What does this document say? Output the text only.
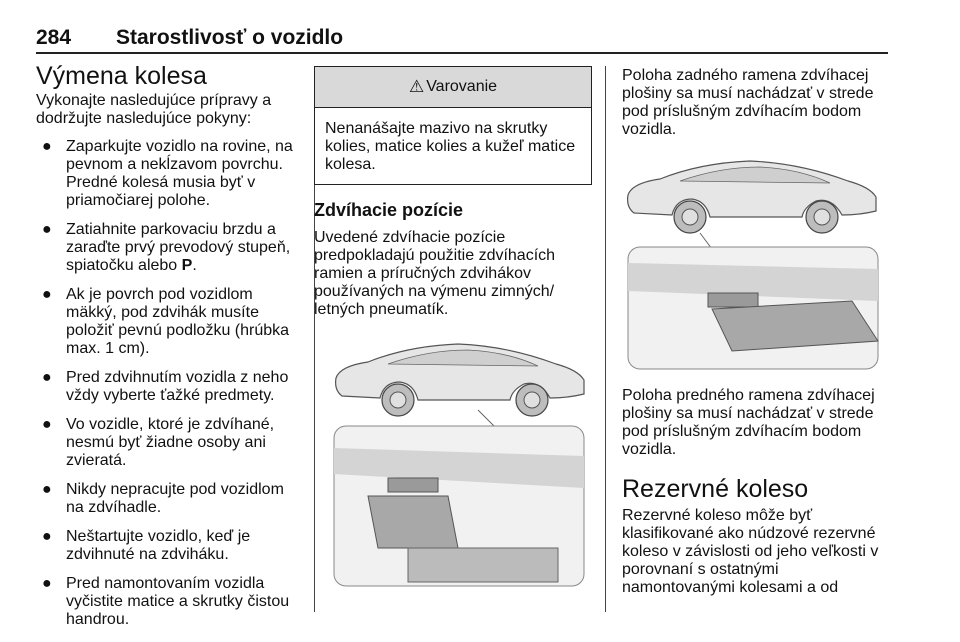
284 Starostlivosť o vozidlo
Výmena kolesa

Vykonajte nasledujúce prípravy a dodržujte nasledujúce pokyny:

● Zaparkujte vozidlo na rovine, na pevnom a nekĺzavom povrchu. Predné kolesá musia byť v priamočiarej polohe.
● Zatiahnite parkovaciu brzdu a zaraďte prvý prevodový stupeň, spiatočku alebo P.
● Ak je povrch pod vozidlom mäkký, pod zdvihák musíte položiť pevnú podložku (hrúbka max. 1 cm).
● Pred zdvihnutím vozidla z neho vždy vyberte ťažké predmety.
● Vo vozidle, ktoré je zdvíhané, nesmú byť žiadne osoby ani zvieratá.
● Nikdy nepracujte pod vozidlom na zdvíhadle.
● Neštartujte vozidlo, keď je zdvihnuté na zdviháku.
● Pred namontovaním vozidla vyčistite matice a skrutky čistou handrou.
⚠ Varovanie
Nenanášajte mazivo na skrutky kolies, matice kolies a kužeľ matice kolesa.
Zdvíhacie pozície

Uvedené zdvíhacie pozície predpokladajú použitie zdvíhacích ramien a príručných zdvihákov používaných na výmenu zimných/ letných pneumatík.

Poloha zadného ramena zdvíhacej plošiny sa musí nachádzať v strede pod príslušným zdvíhacím bodom vozidla.

Poloha predného ramena zdvíhacej plošiny sa musí nachádzať v strede pod príslušným zdvíhacím bodom vozidla.

Rezervné koleso

Rezervné koleso môže byť klasifikované ako núdzové rezervné koleso v závislosti od jeho veľkosti v porovnaní s ostatnými namontovanými kolesami a od
